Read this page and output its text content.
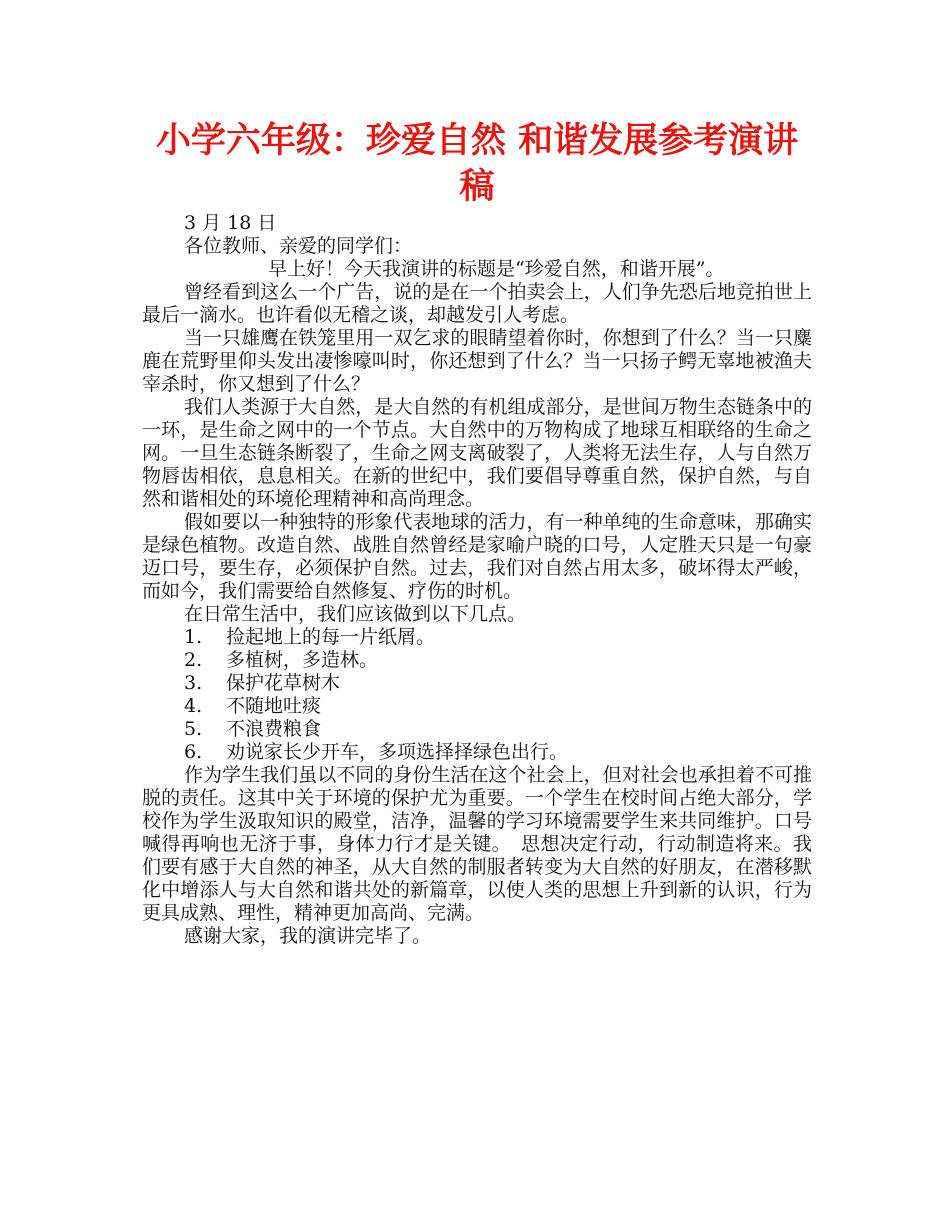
小学六年级：珍爱自然 和谐发展参考演讲
稿

3 月 18 日

各位教师、亲爱的同学们：

早上好！今天我演讲的标题是“珍爱自然，和谐开展”。

曾经看到这么一个广告，说的是在一个拍卖会上，人们争先恐后地竞拍世上最后一滴水。也许看似无稽之谈，却越发引人考虑。

当一只雄鹰在铁笼里用一双乞求的眼睛望着你时，你想到了什么？当一只麋鹿在荒野里仰头发出凄惨嚎叫时，你还想到了什么？当一只扬子鳄无辜地被渔夫宰杀时，你又想到了什么？

我们人类源于大自然，是大自然的有机组成部分，是世间万物生态链条中的一环，是生命之网中的一个节点。大自然中的万物构成了地球互相联络的生命之网。一旦生态链条断裂了，生命之网支离破裂了，人类将无法生存，人与自然万物唇齿相依，息息相关。在新的世纪中，我们要倡导尊重自然，保护自然，与自然和谐相处的环境伦理精神和高尚理念。

假如要以一种独特的形象代表地球的活力，有一种单纯的生命意味，那确实是绿色植物。改造自然、战胜自然曾经是家喻户晓的口号，人定胜天只是一句豪迈口号，要生存，必须保护自然。过去，我们对自然占用太多，破坏得太严峻，而如今，我们需要给自然修复、疗伤的时机。

在日常生活中，我们应该做到以下几点。

1.	捡起地上的每一片纸屑。
2.	多植树，多造林。
3.	保护花草树木
4.	不随地吐痰
5.	不浪费粮食
6.	劝说家长少开车，多项选择择绿色出行。

作为学生我们虽以不同的身份生活在这个社会上，但对社会也承担着不可推脱的责任。这其中关于环境的保护尤为重要。一个学生在校时间占绝大部分，学校作为学生汲取知识的殿堂，洁净，温馨的学习环境需要学生来共同维护。口号喊得再响也无济于事，身体力行才是关键。　思想决定行动，行动制造将来。我们要有感于大自然的神圣，从大自然的制服者转变为大自然的好朋友，在潜移默化中增添人与大自然和谐共处的新篇章，以使人类的思想上升到新的认识，行为更具成熟、理性，精神更加高尚、完满。

感谢大家，我的演讲完毕了。
